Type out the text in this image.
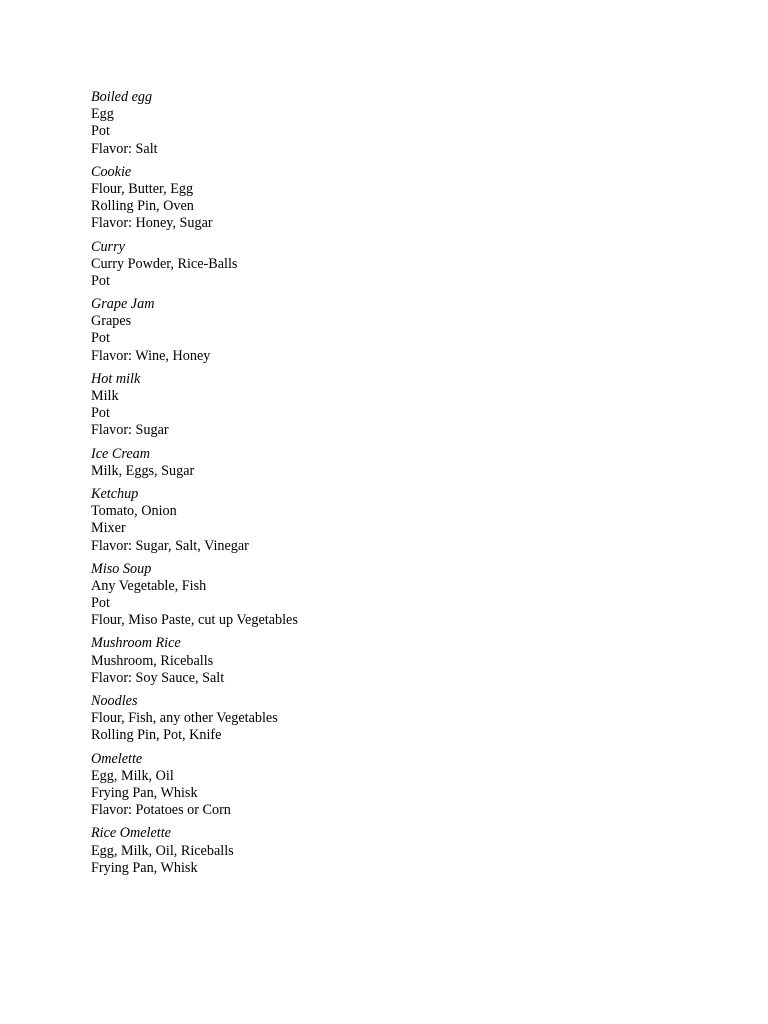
Boiled egg
Egg
Pot
Flavor: Salt
Cookie
Flour, Butter, Egg
Rolling Pin, Oven
Flavor: Honey, Sugar
Curry
Curry Powder, Rice-Balls
Pot
Grape Jam
Grapes
Pot
Flavor: Wine, Honey
Hot milk
Milk
Pot
Flavor: Sugar
Ice Cream
Milk, Eggs, Sugar
Ketchup
Tomato, Onion
Mixer
Flavor: Sugar, Salt, Vinegar
Miso Soup
Any Vegetable, Fish
Pot
Flour, Miso Paste, cut up Vegetables
Mushroom Rice
Mushroom, Riceballs
Flavor: Soy Sauce, Salt
Noodles
Flour, Fish, any other Vegetables
Rolling Pin, Pot, Knife
Omelette
Egg, Milk, Oil
Frying Pan, Whisk
Flavor: Potatoes or Corn
Rice Omelette
Egg, Milk, Oil, Riceballs
Frying Pan, Whisk
